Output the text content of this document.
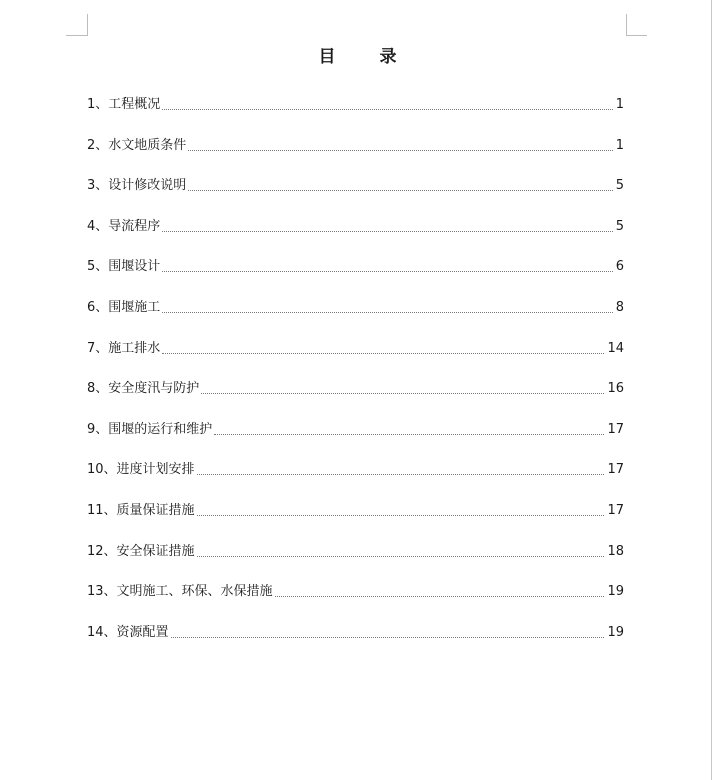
目	录
1、工程概况	1
2、水文地质条件	1
3、设计修改说明	5
4、导流程序	5
5、围堰设计	6
6、围堰施工	8
7、施工排水	14
8、安全度汛与防护	16
9、围堰的运行和维护	17
10、进度计划安排	17
11、质量保证措施	17
12、安全保证措施	18
13、文明施工、环保、水保措施	19
14、资源配置	19
